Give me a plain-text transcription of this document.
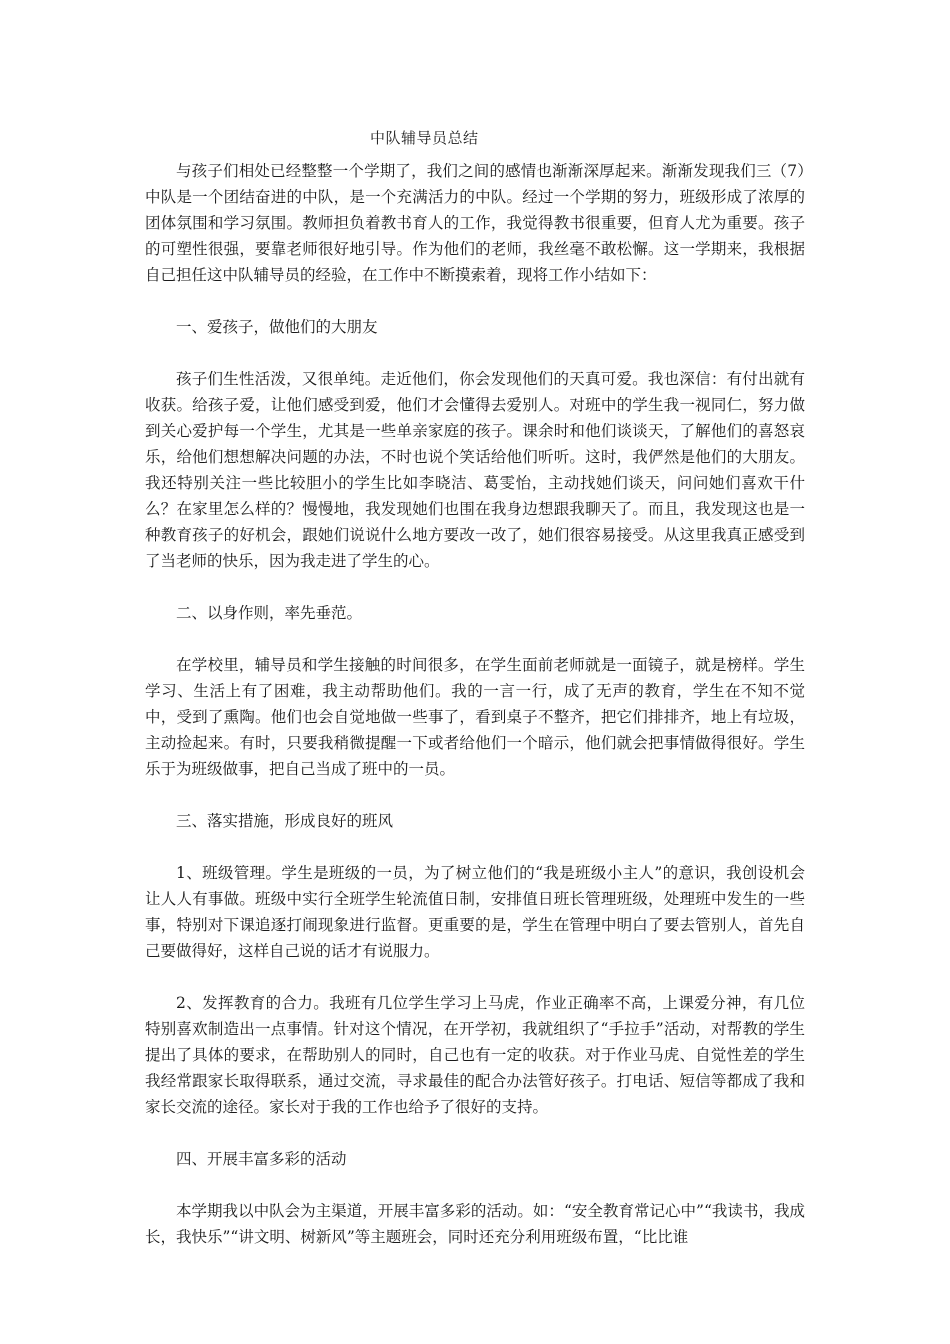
中队辅导员总结

与孩子们相处已经整整一个学期了，我们之间的感情也渐渐深厚起来。渐渐发现我们三（7）中队是一个团结奋进的中队，是一个充满活力的中队。经过一个学期的努力，班级形成了浓厚的团体氛围和学习氛围。教师担负着教书育人的工作，我觉得教书很重要，但育人尤为重要。孩子的可塑性很强，要靠老师很好地引导。作为他们的老师，我丝毫不敢松懈。这一学期来，我根据自己担任这中队辅导员的经验，在工作中不断摸索着，现将工作小结如下：

一、爱孩子，做他们的大朋友

孩子们生性活泼，又很单纯。走近他们，你会发现他们的天真可爱。我也深信：有付出就有收获。给孩子爱，让他们感受到爱，他们才会懂得去爱别人。对班中的学生我一视同仁，努力做到关心爱护每一个学生，尤其是一些单亲家庭的孩子。课余时和他们谈谈天，了解他们的喜怒哀乐，给他们想想解决问题的办法，不时也说个笑话给他们听听。这时，我俨然是他们的大朋友。我还特别关注一些比较胆小的学生比如李晓洁、葛雯怡，主动找她们谈天，问问她们喜欢干什么？在家里怎么样的？慢慢地，我发现她们也围在我身边想跟我聊天了。而且，我发现这也是一种教育孩子的好机会，跟她们说说什么地方要改一改了，她们很容易接受。从这里我真正感受到了当老师的快乐，因为我走进了学生的心。

二、以身作则，率先垂范。

在学校里，辅导员和学生接触的时间很多，在学生面前老师就是一面镜子，就是榜样。学生学习、生活上有了困难，我主动帮助他们。我的一言一行，成了无声的教育，学生在不知不觉中，受到了熏陶。他们也会自觉地做一些事了，看到桌子不整齐，把它们排排齐，地上有垃圾，主动捡起来。有时，只要我稍微提醒一下或者给他们一个暗示，他们就会把事情做得很好。学生乐于为班级做事，把自己当成了班中的一员。

三、落实措施，形成良好的班风

1、班级管理。学生是班级的一员，为了树立他们的“我是班级小主人”的意识，我创设机会让人人有事做。班级中实行全班学生轮流值日制，安排值日班长管理班级，处理班中发生的一些事，特别对下课追逐打闹现象进行监督。更重要的是，学生在管理中明白了要去管别人，首先自己要做得好，这样自己说的话才有说服力。

2、发挥教育的合力。我班有几位学生学习上马虎，作业正确率不高，上课爱分神，有几位特别喜欢制造出一点事情。针对这个情况，在开学初，我就组织了“手拉手”活动，对帮教的学生提出了具体的要求，在帮助别人的同时，自己也有一定的收获。对于作业马虎、自觉性差的学生我经常跟家长取得联系，通过交流，寻求最佳的配合办法管好孩子。打电话、短信等都成了我和家长交流的途径。家长对于我的工作也给予了很好的支持。

四、开展丰富多彩的活动

本学期我以中队会为主渠道，开展丰富多彩的活动。如：“安全教育常记心中”“我读书，我成长，我快乐”“讲文明、树新风”等主题班会，同时还充分利用班级布置，“比比谁
